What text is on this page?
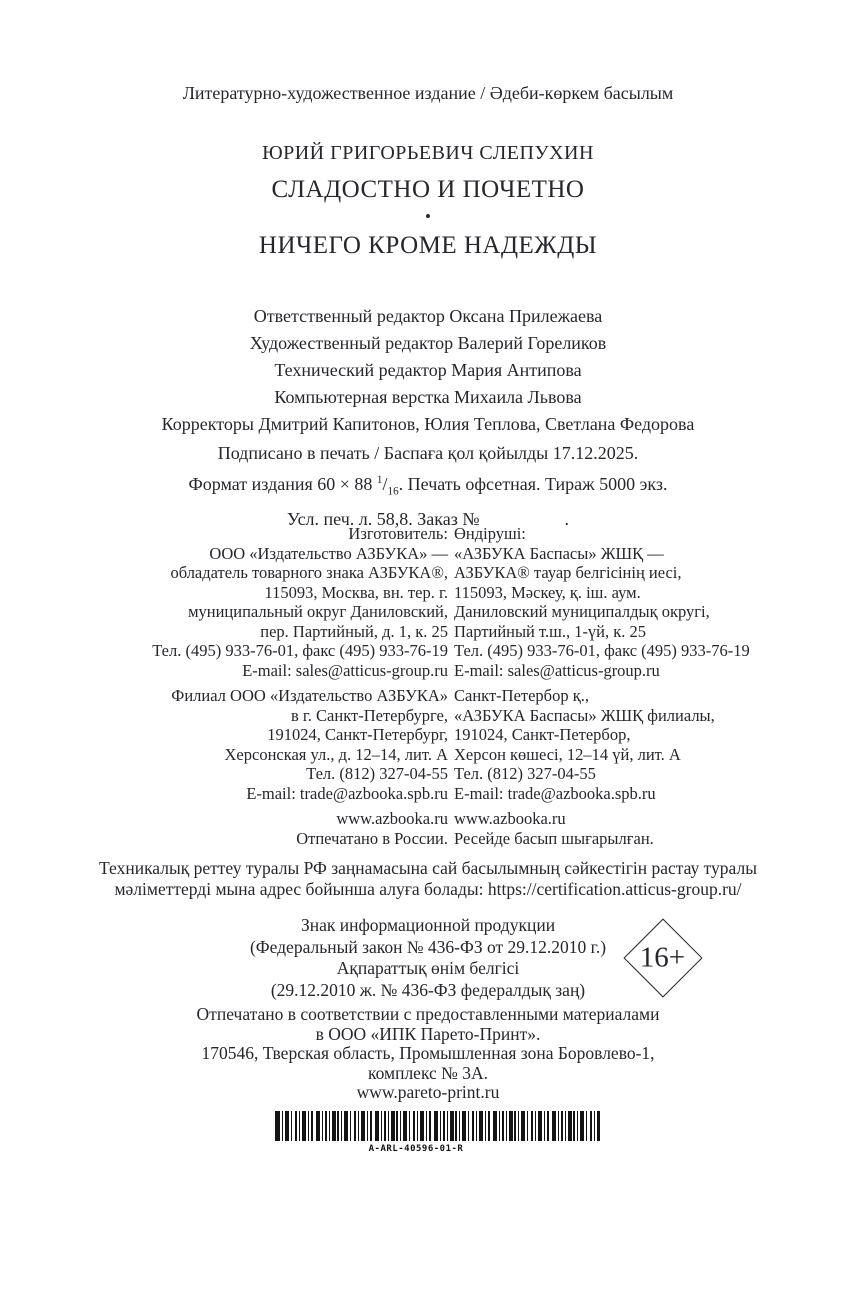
Литературно-художественное издание / Әдеби-көркем басылым
ЮРИЙ ГРИГОРЬЕВИЧ СЛЕПУХИН
СЛАДОСТНО И ПОЧЕТНО
•
НИЧЕГО КРОМЕ НАДЕЖДЫ
Ответственный редактор Оксана Прилежаева
Художественный редактор Валерий Гореликов
Технический редактор Мария Антипова
Компьютерная верстка Михаила Львова
Корректоры Дмитрий Капитонов, Юлия Теплова, Светлана Федорова
Подписано в печать / Баспаға қол қойылды 17.12.2025.
Формат издания 60 × 88 $^1/_{16}$. Печать офсетная. Тираж 5000 экз.
Усл. печ. л. 58,8. Заказ №	.
Изготовитель:
ООО «Издательство АЗБУКА» —
обладатель товарного знака АЗБУКА®,
115093, Москва, вн. тер. г.
муниципальный округ Даниловский,
пер. Партийный, д. 1, к. 25
Тел. (495) 933-76-01, факс (495) 933-76-19
E-mail: sales@atticus-group.ru
Филиал ООО «Издательство АЗБУКА»
в г. Санкт-Петербурге,
191024, Санкт-Петербург,
Херсонская ул., д. 12–14, лит. А
Тел. (812) 327-04-55
E-mail: trade@azbooka.spb.ru
www.azbooka.ru
Отпечатано в России.
Өндіруші:
«АЗБУКА Баспасы» ЖШҚ —
АЗБУКА® тауар белгісінің иесі,
115093, Мәскеу, қ. іш. аум.
Даниловский муниципалдық округі,
Партийный т.ш., 1-үй, к. 25
Тел. (495) 933-76-01, факс (495) 933-76-19
E-mail: sales@atticus-group.ru
Санкт-Петербор қ.,
«АЗБУКА Баспасы» ЖШҚ филиалы,
191024, Санкт-Петербор,
Херсон көшесі, 12–14 үй, лит. А
Тел. (812) 327-04-55
E-mail: trade@azbooka.spb.ru
www.azbooka.ru
Ресейде басып шығарылған.
Техникалық реттеу туралы РФ заңнамасына сай басылымның сәйкестігін растау туралы
мәліметтерді мына адрес бойынша алуға болады: https://certification.atticus-group.ru/
Знак информационной продукции
(Федеральный закон № 436-ФЗ от 29.12.2010 г.)
Ақпараттық өнім белгісі
(29.12.2010 ж. № 436-ФЗ федералдық заң)
16+
Отпечатано в соответствии с предоставленными материалами
в ООО «ИПК Парето-Принт».
170546, Тверская область, Промышленная зона Боровлево-1,
комплекс № 3А.
www.pareto-print.ru
A-ARL-40596-01-R
